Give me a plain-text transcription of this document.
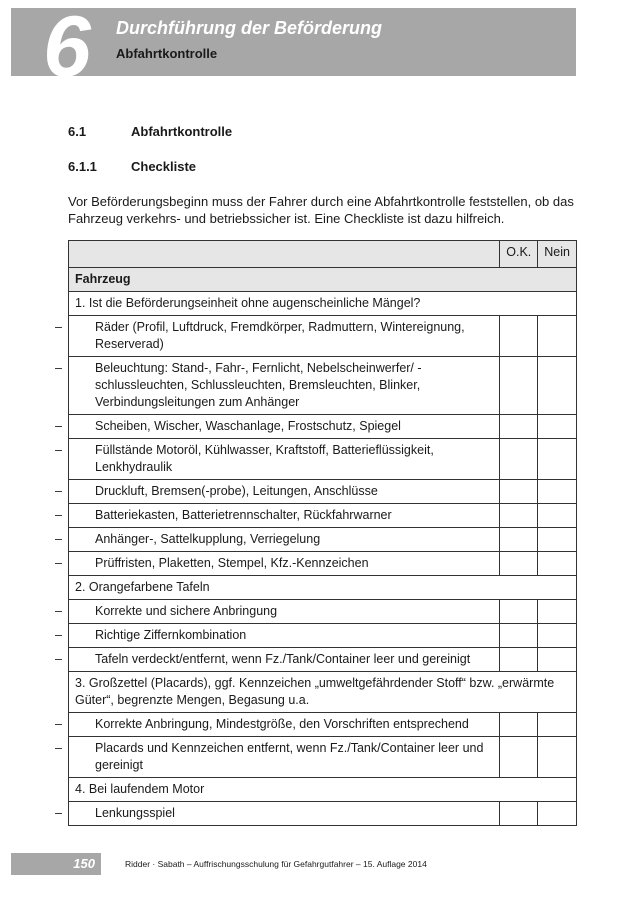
6 Durchführung der Beförderung
Abfahrtkontrolle
6.1	Abfahrtkontrolle
6.1.1	Checkliste

Vor Beförderungsbeginn muss der Fahrer durch eine Abfahrtkontrolle feststellen, ob das Fahrzeug verkehrs- und betriebssicher ist. Eine Checkliste ist dazu hilfreich.

	O.K.	Nein
Fahrzeug		
1. Ist die Beförderungseinheit ohne augenscheinliche Mängel?		

– Räder (Profil, Luftdruck, Fremdkörper, Radmuttern, Wintereignung, Reserverad)		

– Beleuchtung: Stand-, Fahr-, Fernlicht, Nebelscheinwerfer/ -schlussleuchten, Schlussleuchten, Bremsleuchten, Blinker, Verbindungsleitungen zum Anhänger		

– Scheiben, Wischer, Waschanlage, Frostschutz, Spiegel		

– Füllstände Motoröl, Kühlwasser, Kraftstoff, Batterieflüssigkeit, Lenkhydraulik		

– Druckluft, Bremsen(-probe), Leitungen, Anschlüsse		

– Batteriekasten, Batterietrennschalter, Rückfahrwarner		

– Anhänger-, Sattelkupplung, Verriegelung		

– Prüffristen, Plaketten, Stempel, Kfz.-Kennzeichen		

2. Orangefarbene Tafeln		

– Korrekte und sichere Anbringung		

– Richtige Ziffernkombination		

– Tafeln verdeckt/entfernt, wenn Fz./Tank/Container leer und gereinigt		

3. Großzettel (Placards), ggf. Kennzeichen „umweltgefährdender Stoff“ bzw. „erwärmte Güter“, begrenzte Mengen, Begasung u.a.		

– Korrekte Anbringung, Mindestgröße, den Vorschriften entsprechend		

– Placards und Kennzeichen entfernt, wenn Fz./Tank/Container leer und gereinigt		

4. Bei laufendem Motor		

– Lenkungsspiel		

150	Ridder · Sabath – Auffrischungsschulung für Gefahrgutfahrer – 15. Auflage 2014
